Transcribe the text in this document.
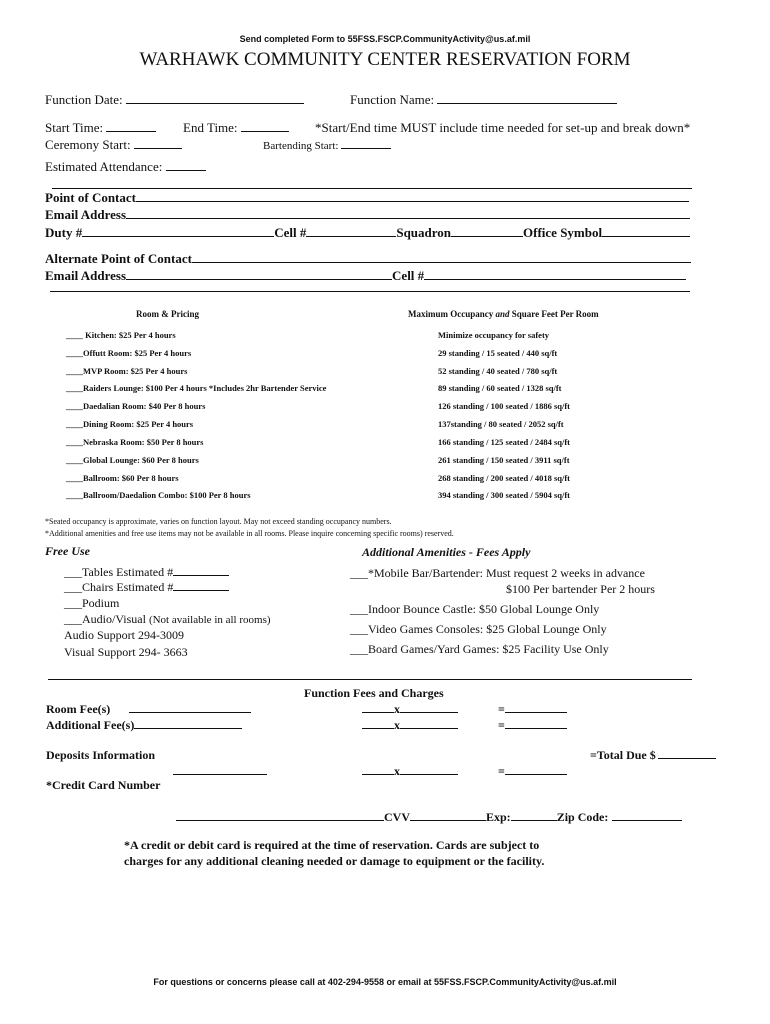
Send completed Form to 55FSS.FSCP.CommunityActivity@us.af.mil
WARHAWK COMMUNITY CENTER RESERVATION FORM
Function Date:	Function Name:
Start Time:	End Time:	*Start/End time MUST include time needed for set-up and break down*
Ceremony Start:	Bartending Start:
Estimated Attendance:
Point of Contact
Email Address
Duty #	Cell #	Squadron	Office Symbol
Alternate Point of Contact
Email Address	Cell #
Room & Pricing	Maximum Occupancy and Square Feet Per Room
____ Kitchen: $25 Per 4 hours	Minimize occupancy for safety
____Offutt Room: $25 Per 4 hours	29 standing / 15 seated / 440 sq/ft
____MVP Room: $25 Per 4 hours	52 standing / 40 seated / 780 sq/ft
____Raiders Lounge: $100 Per 4 hours *Includes 2hr Bartender Service	89 standing / 60 seated / 1328 sq/ft
____Daedalian Room: $40 Per 8 hours	126 standing / 100 seated / 1886 sq/ft
____Dining Room: $25 Per 4 hours	137standing / 80 seated / 2052 sq/ft
____Nebraska Room: $50 Per 8 hours	166 standing / 125 seated / 2484 sq/ft
____Global Lounge: $60 Per 8 hours	261 standing / 150 seated / 3911 sq/ft
____Ballroom: $60 Per 8 hours	268 standing / 200 seated / 4018 sq/ft
____Ballroom/Daedalion Combo: $100 Per 8 hours	394 standing / 300 seated / 5904 sq/ft
*Seated occupancy is approximate, varies on function layout. May not exceed standing occupancy numbers.
*Additional amenities and free use items may not be available in all rooms. Please inquire concerning specific rooms) reserved.
Free Use
___Tables Estimated #
___Chairs Estimated #
___Podium
___Audio/Visual (Not available in all rooms)
Audio Support 294-3009
Visual Support 294- 3663
Additional Amenities - Fees Apply
___*Mobile Bar/Bartender: Must request 2 weeks in advance
$100 Per bartender Per 2 hours
___Indoor Bounce Castle: $50 Global Lounge Only
___Video Games Consoles: $25 Global Lounge Only
___Board Games/Yard Games: $25 Facility Use Only
Function Fees and Charges
Room Fee(s)	x	=
Additional Fee(s)	x	=
Deposits Information	=Total Due $
x	=
*Credit Card Number
CVV	Exp:	Zip Code:
*A credit or debit card is required at the time of reservation. Cards are subject to
charges for any additional cleaning needed or damage to equipment or the facility.
For questions or concerns please call at 402-294-9558 or email at 55FSS.FSCP.CommunityActivity@us.af.mil
